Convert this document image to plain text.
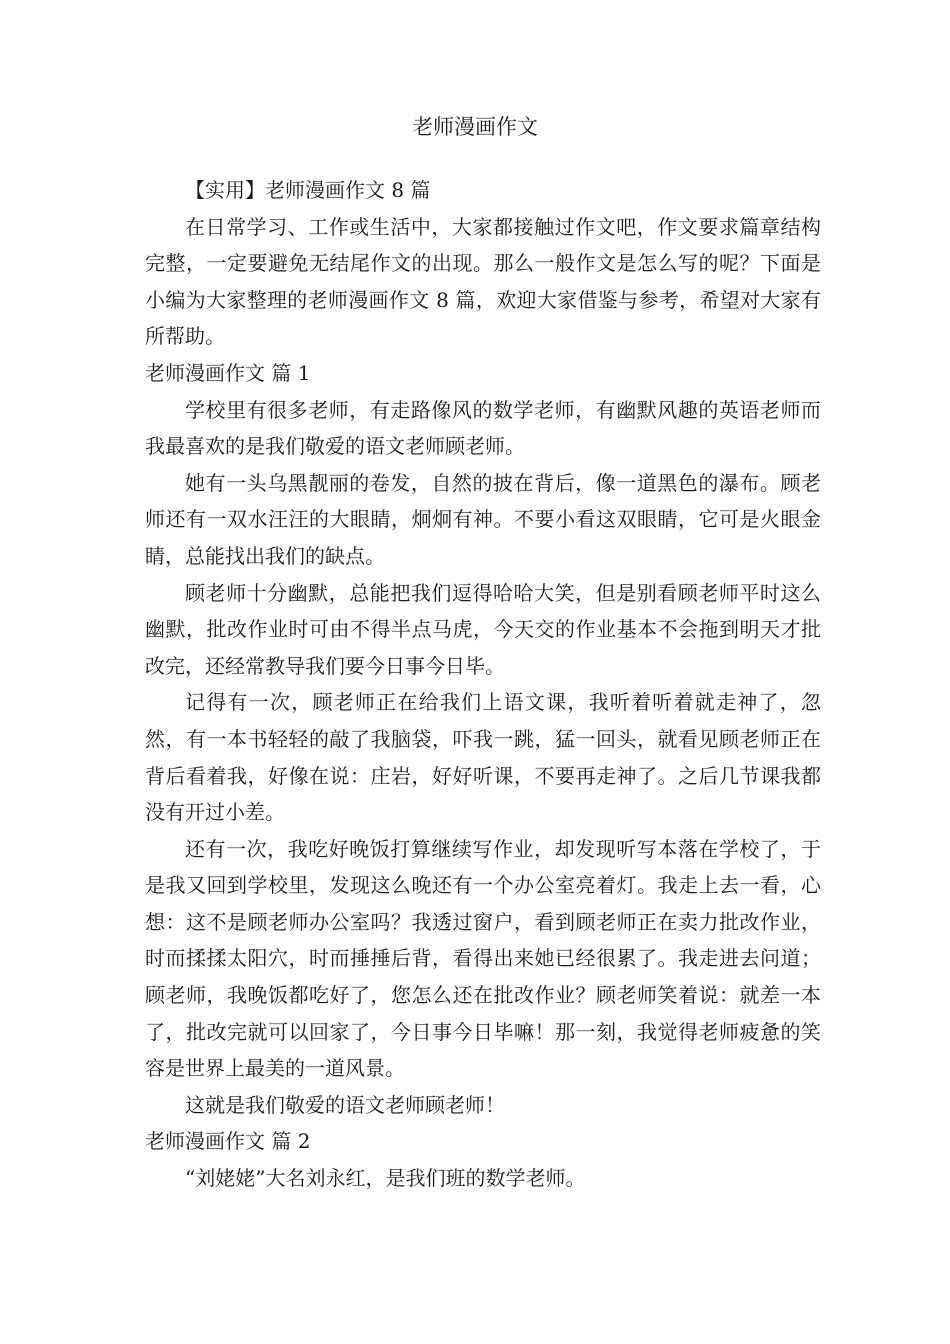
老师漫画作文

【实用】老师漫画作文 8 篇

在日常学习、工作或生活中，大家都接触过作文吧，作文要求篇章结构完整，一定要避免无结尾作文的出现。那么一般作文是怎么写的呢？下面是小编为大家整理的老师漫画作文 8 篇，欢迎大家借鉴与参考，希望对大家有所帮助。

老师漫画作文 篇 1

学校里有很多老师，有走路像风的数学老师，有幽默风趣的英语老师而我最喜欢的是我们敬爱的语文老师顾老师。

她有一头乌黑靓丽的卷发，自然的披在背后，像一道黑色的瀑布。顾老师还有一双水汪汪的大眼睛，炯炯有神。不要小看这双眼睛，它可是火眼金睛，总能找出我们的缺点。

顾老师十分幽默，总能把我们逗得哈哈大笑，但是别看顾老师平时这么幽默，批改作业时可由不得半点马虎，今天交的作业基本不会拖到明天才批改完，还经常教导我们要今日事今日毕。

记得有一次，顾老师正在给我们上语文课，我听着听着就走神了，忽然，有一本书轻轻的敲了我脑袋，吓我一跳，猛一回头，就看见顾老师正在背后看着我，好像在说：庄岩，好好听课，不要再走神了。之后几节课我都没有开过小差。

还有一次，我吃好晚饭打算继续写作业，却发现听写本落在学校了，于是我又回到学校里，发现这么晚还有一个办公室亮着灯。我走上去一看，心想：这不是顾老师办公室吗？我透过窗户，看到顾老师正在卖力批改作业，时而揉揉太阳穴，时而捶捶后背，看得出来她已经很累了。我走进去问道；顾老师，我晚饭都吃好了，您怎么还在批改作业？顾老师笑着说：就差一本了，批改完就可以回家了，今日事今日毕嘛！那一刻，我觉得老师疲惫的笑容是世界上最美的一道风景。

这就是我们敬爱的语文老师顾老师！

老师漫画作文 篇 2

“刘姥姥”大名刘永红，是我们班的数学老师。
